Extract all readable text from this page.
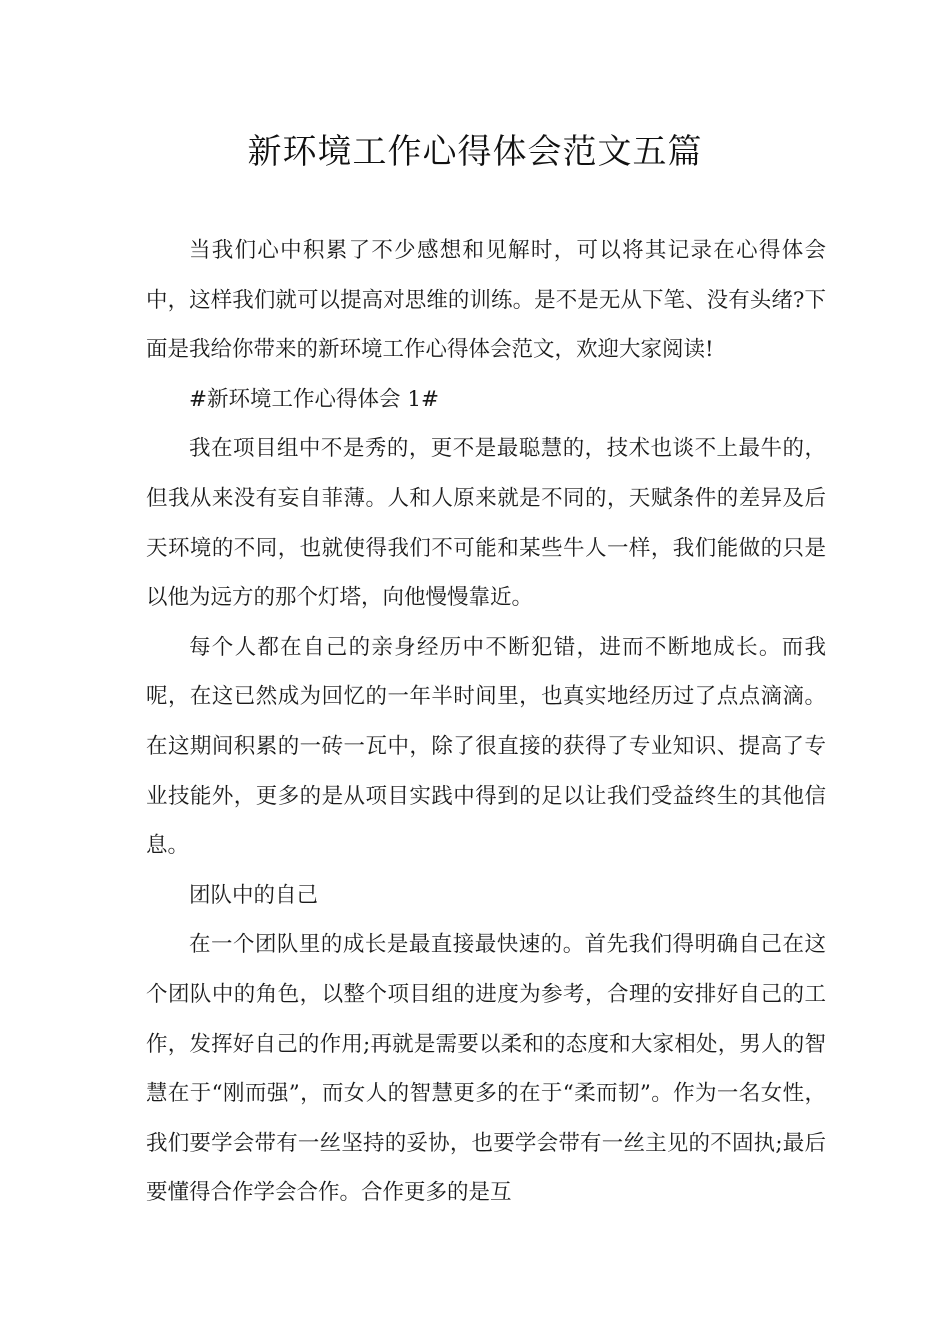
新环境工作心得体会范文五篇

当我们心中积累了不少感想和见解时，可以将其记录在心得体会中，这样我们就可以提高对思维的训练。是不是无从下笔、没有头绪?下面是我给你带来的新环境工作心得体会范文，欢迎大家阅读!

#新环境工作心得体会 1#

我在项目组中不是秀的，更不是最聪慧的，技术也谈不上最牛的，但我从来没有妄自菲薄。人和人原来就是不同的，天赋条件的差异及后天环境的不同，也就使得我们不可能和某些牛人一样，我们能做的只是以他为远方的那个灯塔，向他慢慢靠近。

每个人都在自己的亲身经历中不断犯错，进而不断地成长。而我呢，在这已然成为回忆的一年半时间里，也真实地经历过了点点滴滴。在这期间积累的一砖一瓦中，除了很直接的获得了专业知识、提高了专业技能外，更多的是从项目实践中得到的足以让我们受益终生的其他信息。

团队中的自己

在一个团队里的成长是最直接最快速的。首先我们得明确自己在这个团队中的角色，以整个项目组的进度为参考，合理的安排好自己的工作，发挥好自己的作用;再就是需要以柔和的态度和大家相处，男人的智慧在于“刚而强”，而女人的智慧更多的在于“柔而韧”。作为一名女性，我们要学会带有一丝坚持的妥协，也要学会带有一丝主见的不固执;最后要懂得合作学会合作。合作更多的是互
